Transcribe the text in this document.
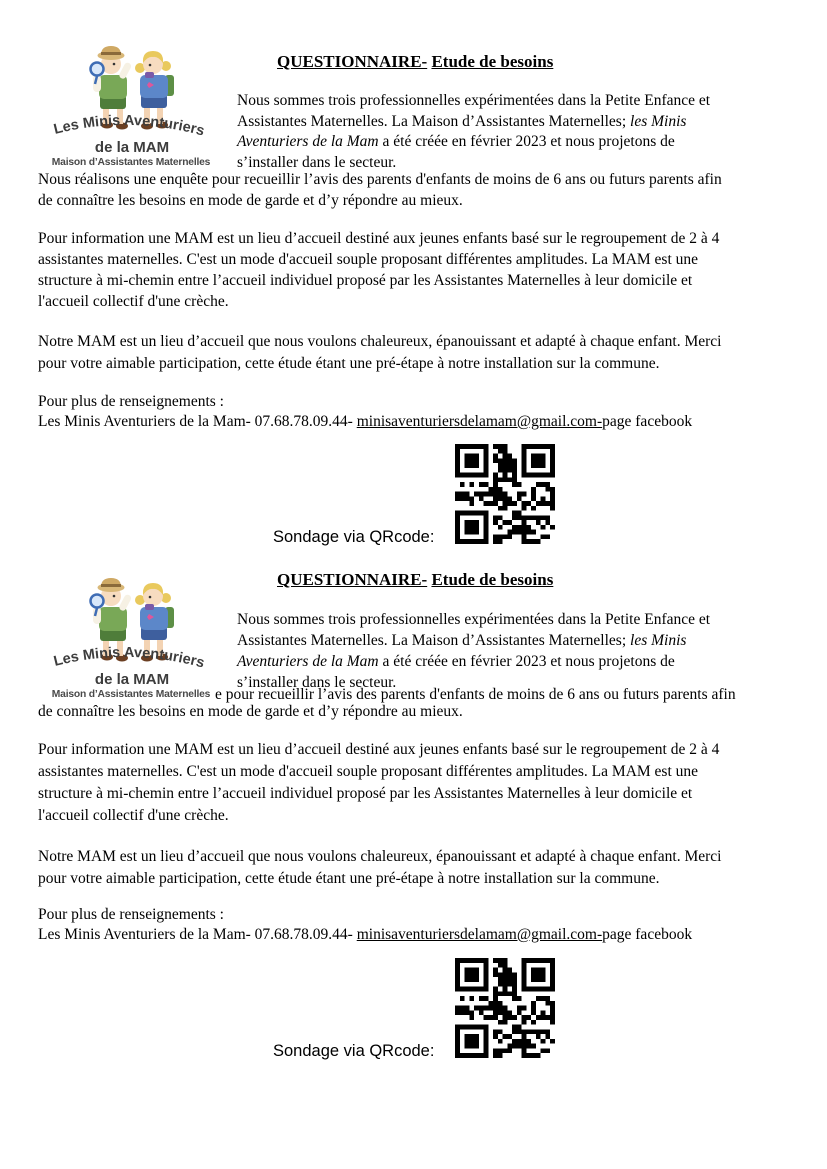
Les Minis Aventuriers
de la MAM
Maison d’Assistantes Maternelles
QUESTIONNAIRE- Etude de besoins
Nous sommes trois professionnelles expérimentées dans la Petite Enfance et
Assistantes Maternelles. La Maison d’Assistantes Maternelles; les Minis
Aventuriers de la Mam a été créée en février 2023 et nous projetons de
s’installer dans le secteur.
Nous réalisons une enquête pour recueillir l’avis des parents d'enfants de moins de 6 ans ou futurs parents afin
de connaître les besoins en mode de garde et d’y répondre au mieux.
Pour information une MAM est un lieu d’accueil destiné aux jeunes enfants basé sur le regroupement de 2 à 4
assistantes maternelles. C'est un mode d'accueil souple proposant différentes amplitudes. La MAM est une
structure à mi-chemin entre l’accueil individuel proposé par les Assistantes Maternelles à leur domicile et
l'accueil collectif d'une crèche.
Notre MAM est un lieu d’accueil que nous voulons chaleureux, épanouissant et adapté à chaque enfant. Merci
pour votre aimable participation, cette étude étant une pré-étape à notre installation sur la commune.
Pour plus de renseignements :
Les Minis Aventuriers de la Mam- 07.68.78.09.44- minisaventuriersdelamam@gmail.com-page facebook
Sondage via QRcode:
QUESTIONNAIRE- Etude de besoins
Les Minis Aventuriers
de la MAM
Maison d’Assistantes Maternelles
Nous sommes trois professionnelles expérimentées dans la Petite Enfance et
Assistantes Maternelles. La Maison d’Assistantes Maternelles; les Minis
Aventuriers de la Mam a été créée en février 2023 et nous projetons de
s’installer dans le secteur.
e pour recueillir l’avis des parents d'enfants de moins de 6 ans ou futurs parents afin
de connaître les besoins en mode de garde et d’y répondre au mieux.
Pour information une MAM est un lieu d’accueil destiné aux jeunes enfants basé sur le regroupement de 2 à 4
assistantes maternelles. C'est un mode d'accueil souple proposant différentes amplitudes. La MAM est une
structure à mi-chemin entre l’accueil individuel proposé par les Assistantes Maternelles à leur domicile et
l'accueil collectif d'une crèche.
Notre MAM est un lieu d’accueil que nous voulons chaleureux, épanouissant et adapté à chaque enfant. Merci
pour votre aimable participation, cette étude étant une pré-étape à notre installation sur la commune.
Pour plus de renseignements :
Les Minis Aventuriers de la Mam- 07.68.78.09.44- minisaventuriersdelamam@gmail.com-page facebook
Sondage via QRcode:
